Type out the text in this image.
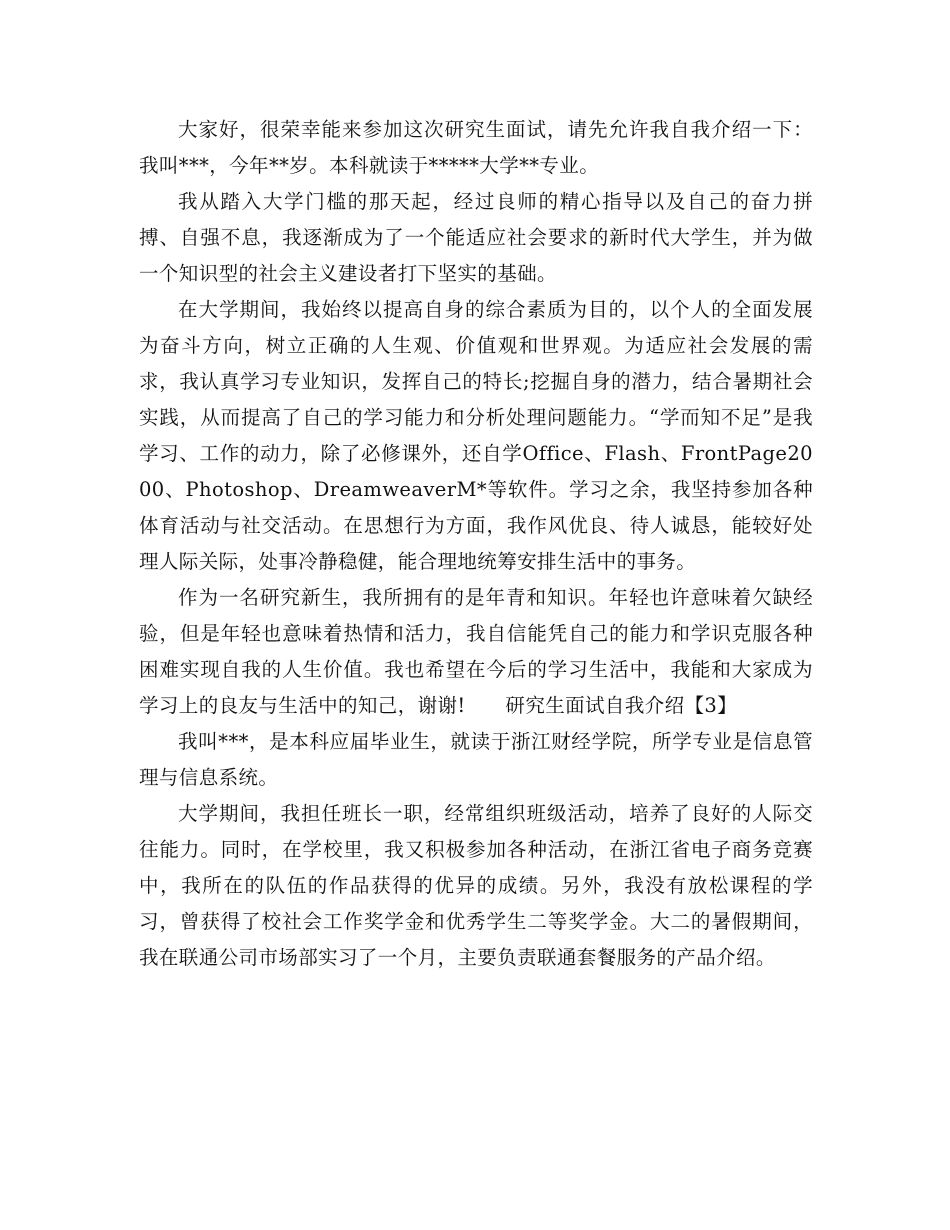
大家好，很荣幸能来参加这次研究生面试，请先允许我自我介绍一下：我叫***，今年**岁。本科就读于*****大学**专业。

我从踏入大学门槛的那天起，经过良师的精心指导以及自己的奋力拼搏、自强不息，我逐渐成为了一个能适应社会要求的新时代大学生，并为做一个知识型的社会主义建设者打下坚实的基础。

在大学期间，我始终以提高自身的综合素质为目的，以个人的全面发展为奋斗方向，树立正确的人生观、价值观和世界观。为适应社会发展的需求，我认真学习专业知识，发挥自己的特长;挖掘自身的潜力，结合暑期社会实践，从而提高了自己的学习能力和分析处理问题能力。“学而知不足”是我学习、工作的动力，除了必修课外，还自学Office、Flash、FrontPage2000、Photoshop、DreamweaverM*等软件。学习之余，我坚持参加各种体育活动与社交活动。在思想行为方面，我作风优良、待人诚恳，能较好处理人际关际，处事冷静稳健，能合理地统筹安排生活中的事务。

作为一名研究新生，我所拥有的是年青和知识。年轻也许意味着欠缺经验，但是年轻也意味着热情和活力，我自信能凭自己的能力和学识克服各种困难实现自我的人生价值。我也希望在今后的学习生活中，我能和大家成为学习上的良友与生活中的知己，谢谢!　　研究生面试自我介绍【3】

我叫***，是本科应届毕业生，就读于浙江财经学院，所学专业是信息管理与信息系统。

大学期间，我担任班长一职，经常组织班级活动，培养了良好的人际交往能力。同时，在学校里，我又积极参加各种活动，在浙江省电子商务竞赛中，我所在的队伍的作品获得的优异的成绩。另外，我没有放松课程的学习，曾获得了校社会工作奖学金和优秀学生二等奖学金。大二的暑假期间，我在联通公司市场部实习了一个月，主要负责联通套餐服务的产品介绍。
